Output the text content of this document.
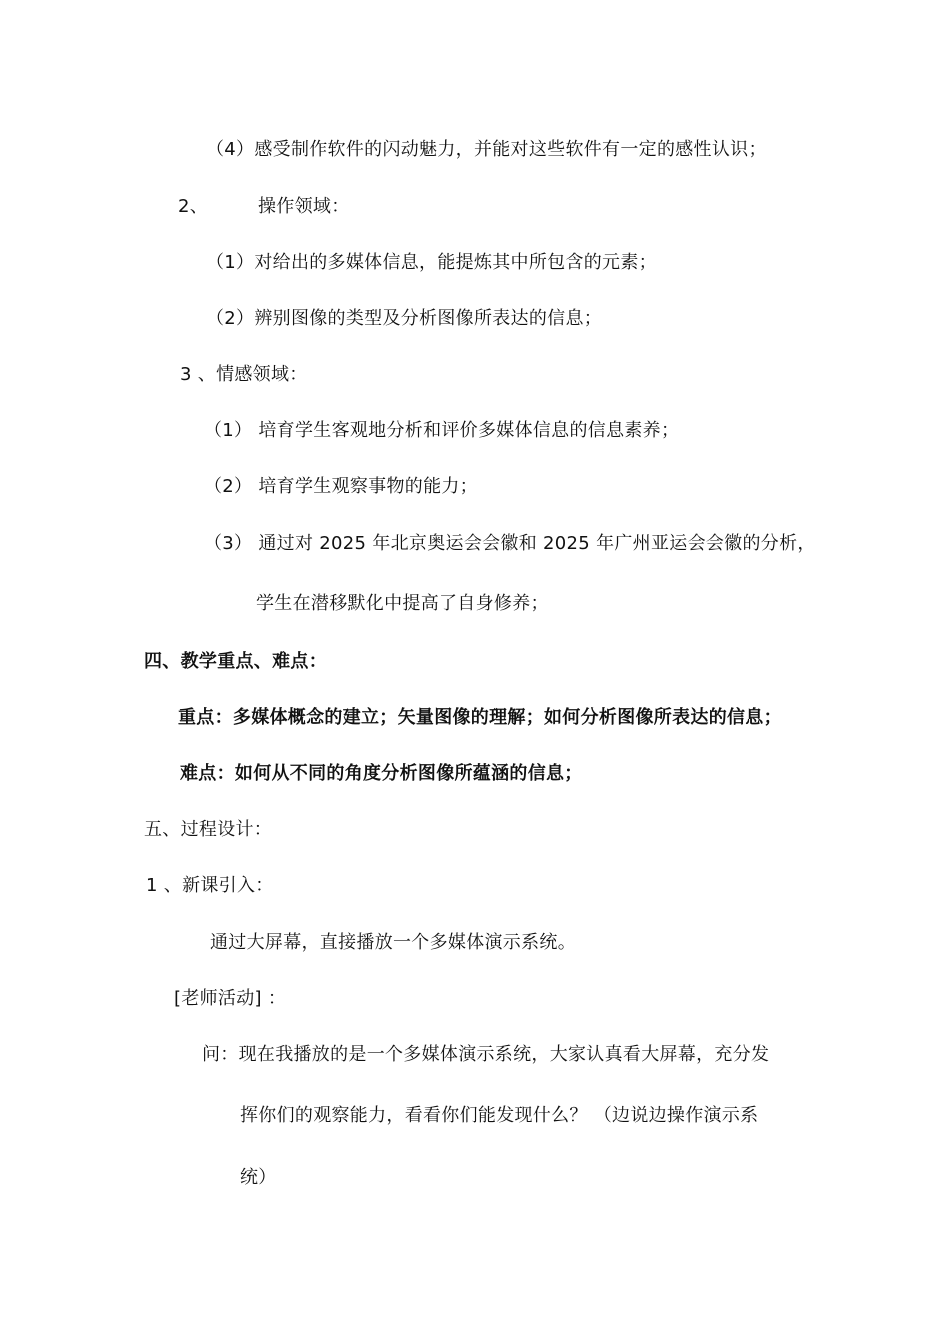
（4）感受制作软件的闪动魅力，并能对这些软件有一定的感性认识；
2、	操作领域：
（1）对给出的多媒体信息，能提炼其中所包含的元素；
（2）辨别图像的类型及分析图像所表达的信息；
3 、情感领域：
（1） 培育学生客观地分析和评价多媒体信息的信息素养；
（2） 培育学生观察事物的能力；
（3） 通过对 2025 年北京奥运会会徽和 2025 年广州亚运会会徽的分析，
学生在潜移默化中提高了自身修养；
四、教学重点、难点：
重点：多媒体概念的建立；矢量图像的理解；如何分析图像所表达的信息；
难点：如何从不同的角度分析图像所蕴涵的信息；
五、过程设计：
1 、新课引入：
通过大屏幕，直接播放一个多媒体演示系统。
[老师活动] ：
问：现在我播放的是一个多媒体演示系统，大家认真看大屏幕，充分发
挥你们的观察能力，看看你们能发现什么？ （边说边操作演示系
统）
